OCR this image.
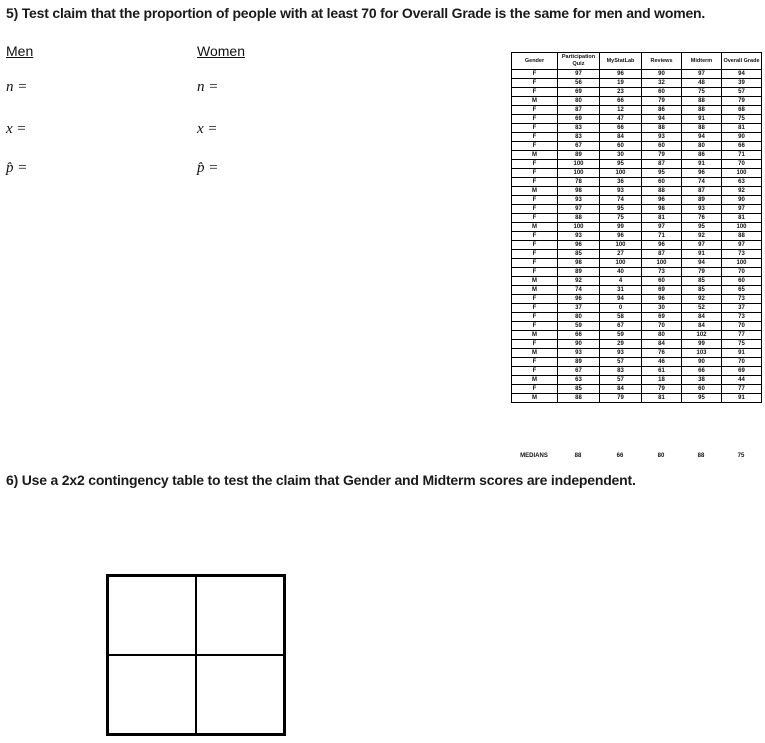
5) Test claim that the proportion of people with at least 70 for Overall Grade is the same for men and women.
Men	Women
n =
x =
p̂ =
n =
x =
p̂ =
Gender	Participation Quiz	MyStatLab	Reviews	Midterm	Overall Grade
F	97	96	90	97	94
F	56	19	32	48	39
F	69	23	60	75	57
M	80	66	79	88	79
F	87	12	86	88	68
F	69	47	94	91	75
F	83	66	88	88	81
F	83	84	93	94	90
F	67	60	60	80	66
M	89	30	79	86	71
F	100	95	87	91	70
F	100	100	95	96	100
F	78	36	60	74	63
M	98	93	88	87	92
F	93	74	96	89	90
F	97	95	98	93	97
F	88	75	81	76	81
M	100	99	97	95	100
F	93	96	71	92	88
F	96	100	96	97	97
F	85	27	87	91	73
F	98	100	100	94	100
F	89	40	73	79	70
M	92	4	60	85	60
M	74	31	69	85	65
F	96	94	96	92	73
F	37	0	30	52	37
F	80	58	69	84	73
F	59	67	70	84	70
M	66	59	80	102	77
F	90	29	84	99	75
M	93	93	76	103	91
F	89	57	46	90	70
F	67	83	61	66	69
M	63	57	18	38	44
F	85	84	79	60	77
M	88	79	81	95	91
MEDIANS	88	66	80	88	75
6) Use a 2x2 contingency table to test the claim that Gender and Midterm scores are independent.
